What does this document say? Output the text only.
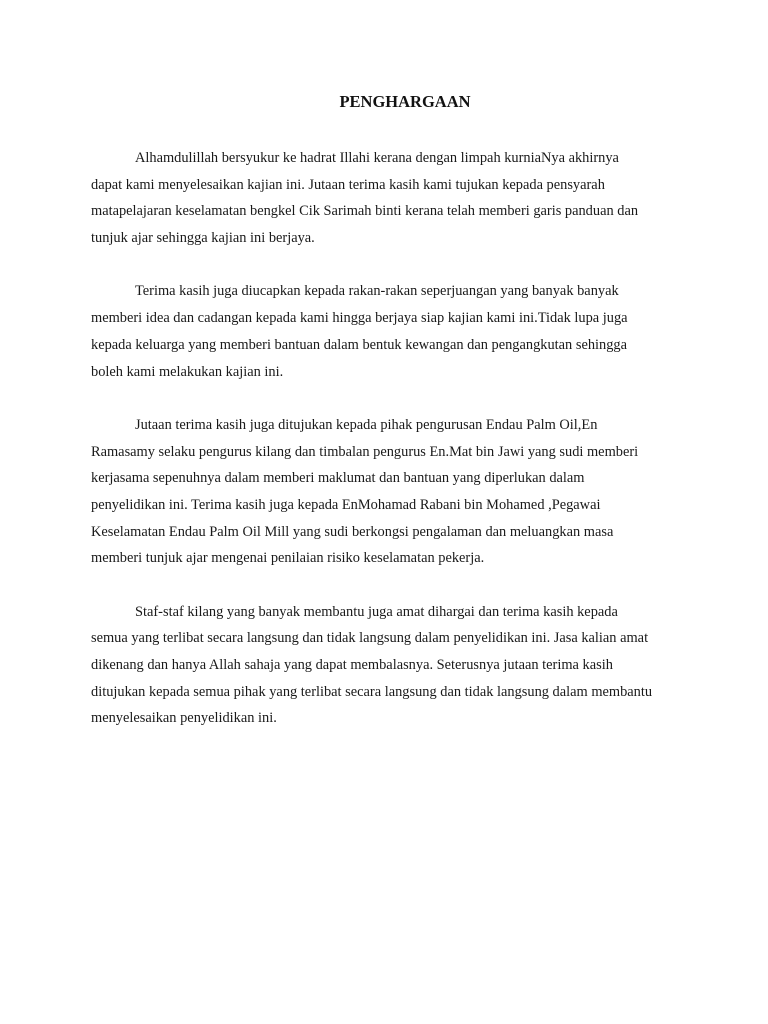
PENGHARGAAN

Alhamdulillah bersyukur ke hadrat Illahi kerana dengan limpah kurniaNya akhirnya
dapat kami menyelesaikan kajian ini. Jutaan terima kasih kami tujukan kepada pensyarah
matapelajaran keselamatan bengkel Cik Sarimah binti kerana telah memberi garis panduan dan
tunjuk ajar sehingga kajian ini berjaya.

Terima kasih juga diucapkan kepada rakan-rakan seperjuangan yang banyak banyak
memberi idea dan cadangan kepada kami hingga berjaya siap kajian kami ini.Tidak lupa juga
kepada keluarga yang memberi bantuan dalam bentuk kewangan dan pengangkutan sehingga
boleh kami melakukan kajian ini.

Jutaan terima kasih juga ditujukan kepada pihak pengurusan Endau Palm Oil,En
Ramasamy selaku pengurus kilang dan timbalan pengurus En.Mat bin Jawi yang sudi memberi
kerjasama sepenuhnya dalam memberi maklumat dan bantuan yang diperlukan dalam
penyelidikan ini. Terima kasih juga kepada EnMohamad Rabani bin Mohamed ,Pegawai
Keselamatan Endau Palm Oil Mill yang sudi berkongsi pengalaman dan meluangkan masa
memberi tunjuk ajar mengenai penilaian risiko keselamatan pekerja.

Staf-staf kilang yang banyak membantu juga amat dihargai dan terima kasih kepada
semua yang terlibat secara langsung dan tidak langsung dalam penyelidikan ini. Jasa kalian amat
dikenang dan hanya Allah sahaja yang dapat membalasnya. Seterusnya jutaan terima kasih
ditujukan kepada semua pihak yang terlibat secara langsung dan tidak langsung dalam membantu
menyelesaikan penyelidikan ini.
